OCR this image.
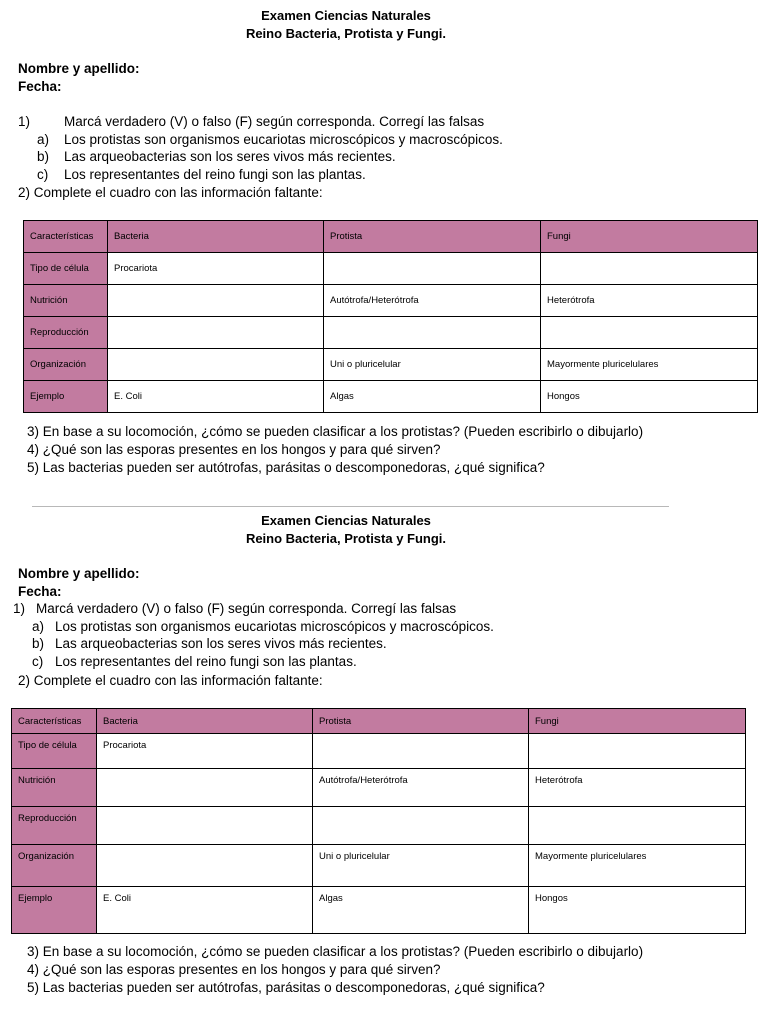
Examen Ciencias Naturales
Reino Bacteria, Protista y Fungi.
Nombre y apellido:
Fecha:
1)	Marcá verdadero (V) o falso (F) según corresponda. Corregí las falsas
a) Los protistas son organismos eucariotas microscópicos y macroscópicos.
b) Las arqueobacterias son los seres vivos más recientes.
c) Los representantes del reino fungi son las plantas.
2) Complete el cuadro con las información faltante:
Características	Bacteria	Protista	Fungi
Tipo de célula	Procariota		
Nutrición		Autótrofa/Heterótrofa	Heterótrofa
Reproducción			
Organización		Uni o pluricelular	Mayormente pluricelulares
Ejemplo	E. Coli	Algas	Hongos
3) En base a su locomoción, ¿cómo se pueden clasificar a los protistas? (Pueden escribirlo o dibujarlo)
4) ¿Qué son las esporas presentes en los hongos y para qué sirven?
5) Las bacterias pueden ser autótrofas, parásitas o descomponedoras, ¿qué significa?
Examen Ciencias Naturales
Reino Bacteria, Protista y Fungi.
Nombre y apellido:
Fecha:
1) Marcá verdadero (V) o falso (F) según corresponda. Corregí las falsas
a) Los protistas son organismos eucariotas microscópicos y macroscópicos.
b) Las arqueobacterias son los seres vivos más recientes.
c) Los representantes del reino fungi son las plantas.
2) Complete el cuadro con las información faltante:
Características	Bacteria	Protista	Fungi
Tipo de célula	Procariota		
Nutrición		Autótrofa/Heterótrofa	Heterótrofa
Reproducción			
Organización		Uni o pluricelular	Mayormente pluricelulares
Ejemplo	E. Coli	Algas	Hongos
3) En base a su locomoción, ¿cómo se pueden clasificar a los protistas? (Pueden escribirlo o dibujarlo)
4) ¿Qué son las esporas presentes en los hongos y para qué sirven?
5) Las bacterias pueden ser autótrofas, parásitas o descomponedoras, ¿qué significa?
